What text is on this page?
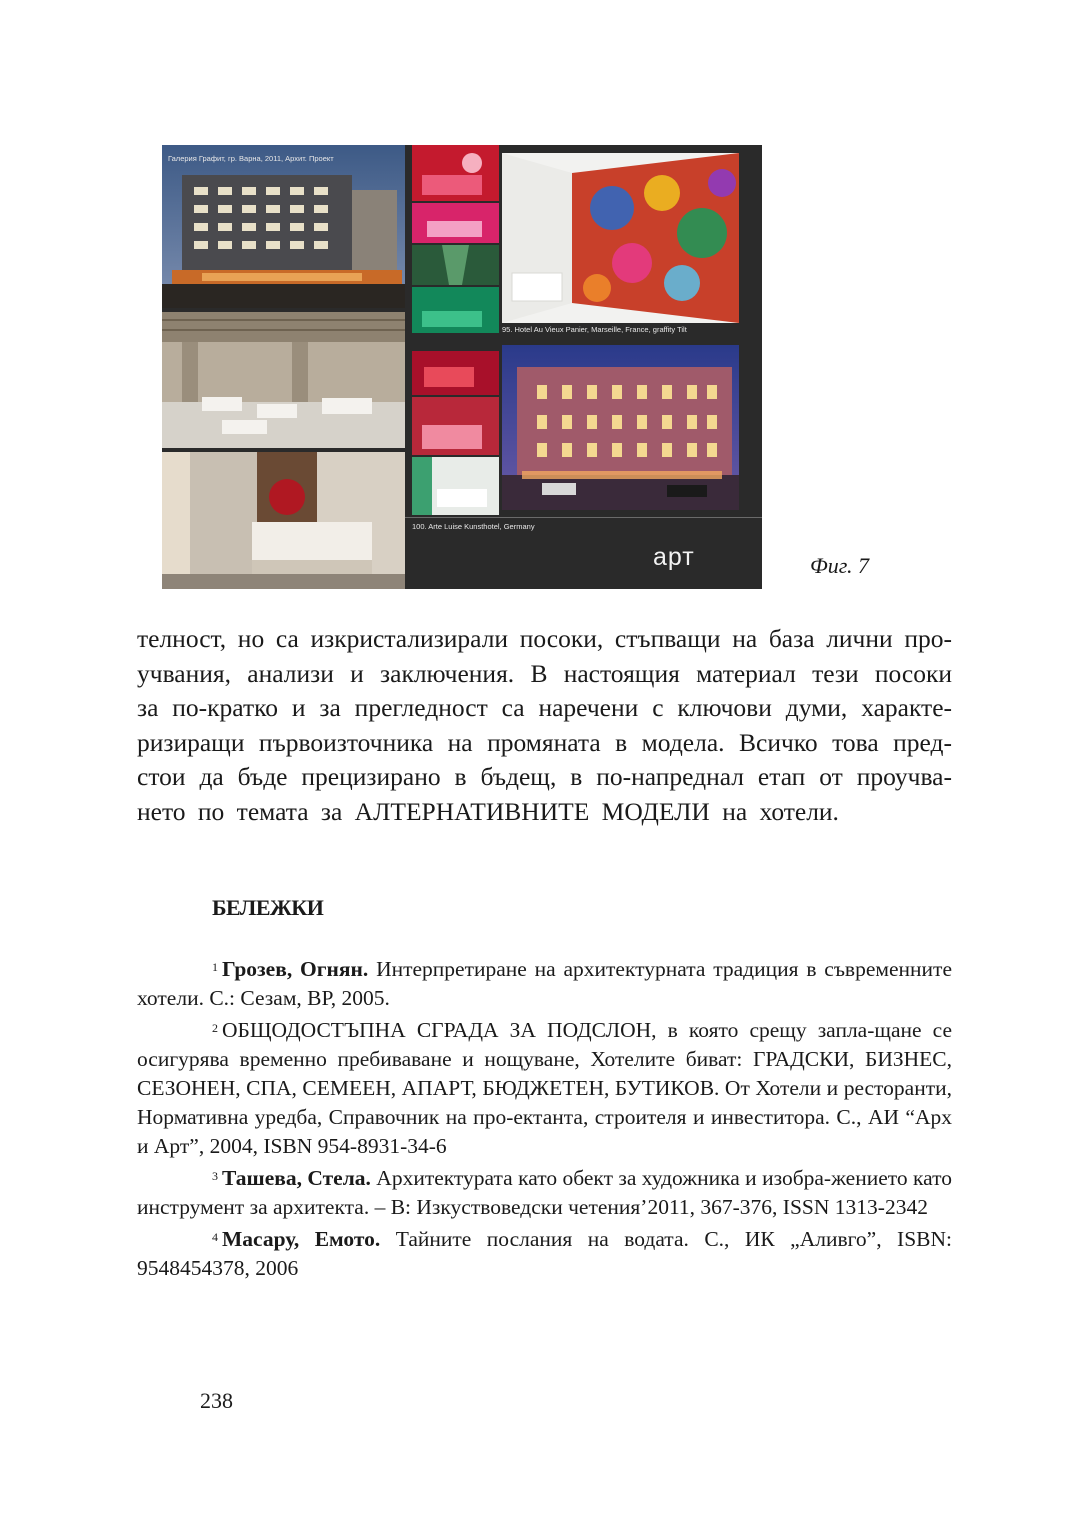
Галерия Графит, гр. Варна, 2011, Архит. Проект
95. Hotel Au Vieux Panier, Marseille, France, graffity Tilt
100. Arte Luise Kunsthotel, Germany
арт	Фиг. 7

телност, но са изкристализирали посоки, стъпващи на база лични про-

учвания, анализи и заключения. В настоящия материал тези посоки

за по-кратко и за прегледност са наречени с ключови думи, характе-

ризиращи първоизточника на промяната в модела. Всичко това пред-

стои да бъде прецизирано в бъдещ, в по-напреднал етап от проучва-

нето по темата за АЛТЕРНАТИВНИТЕ МОДЕЛИ на хотели.

БЕЛЕЖКИ

$^1$ Грозев, Огнян. Интерпретиране на архитектурната традиция в съвременните хотели. С.: Сезам, ВР, 2005.

$^2$ ОБЩОДОСТЪПНА СГРАДА ЗА ПОДСЛОН, в която срещу запла-щане се осигурява временно пребиваване и нощуване, Хотелите биват: ГРАДСКИ, БИЗНЕС, СЕЗОНЕН, СПА, СЕМЕЕН, АПАРТ, БЮДЖЕТЕН, БУТИКОВ. От Хотели и ресторанти, Нормативна уредба, Справочник на про-ектанта, строителя и инвеститора. С., АИ “Арх и Арт”, 2004, ISBN 954-8931-34-6

$^3$ Ташева, Стела. Архитектурата като обект за художника и изобра-жението като инструмент за архитекта. – В: Изкуствоведски четения’2011, 367-376, ISSN 1313-2342

$^4$ Масару, Емото. Тайните послания на водата. С., ИК „Аливго”, ISBN: 9548454378, 2006

238
